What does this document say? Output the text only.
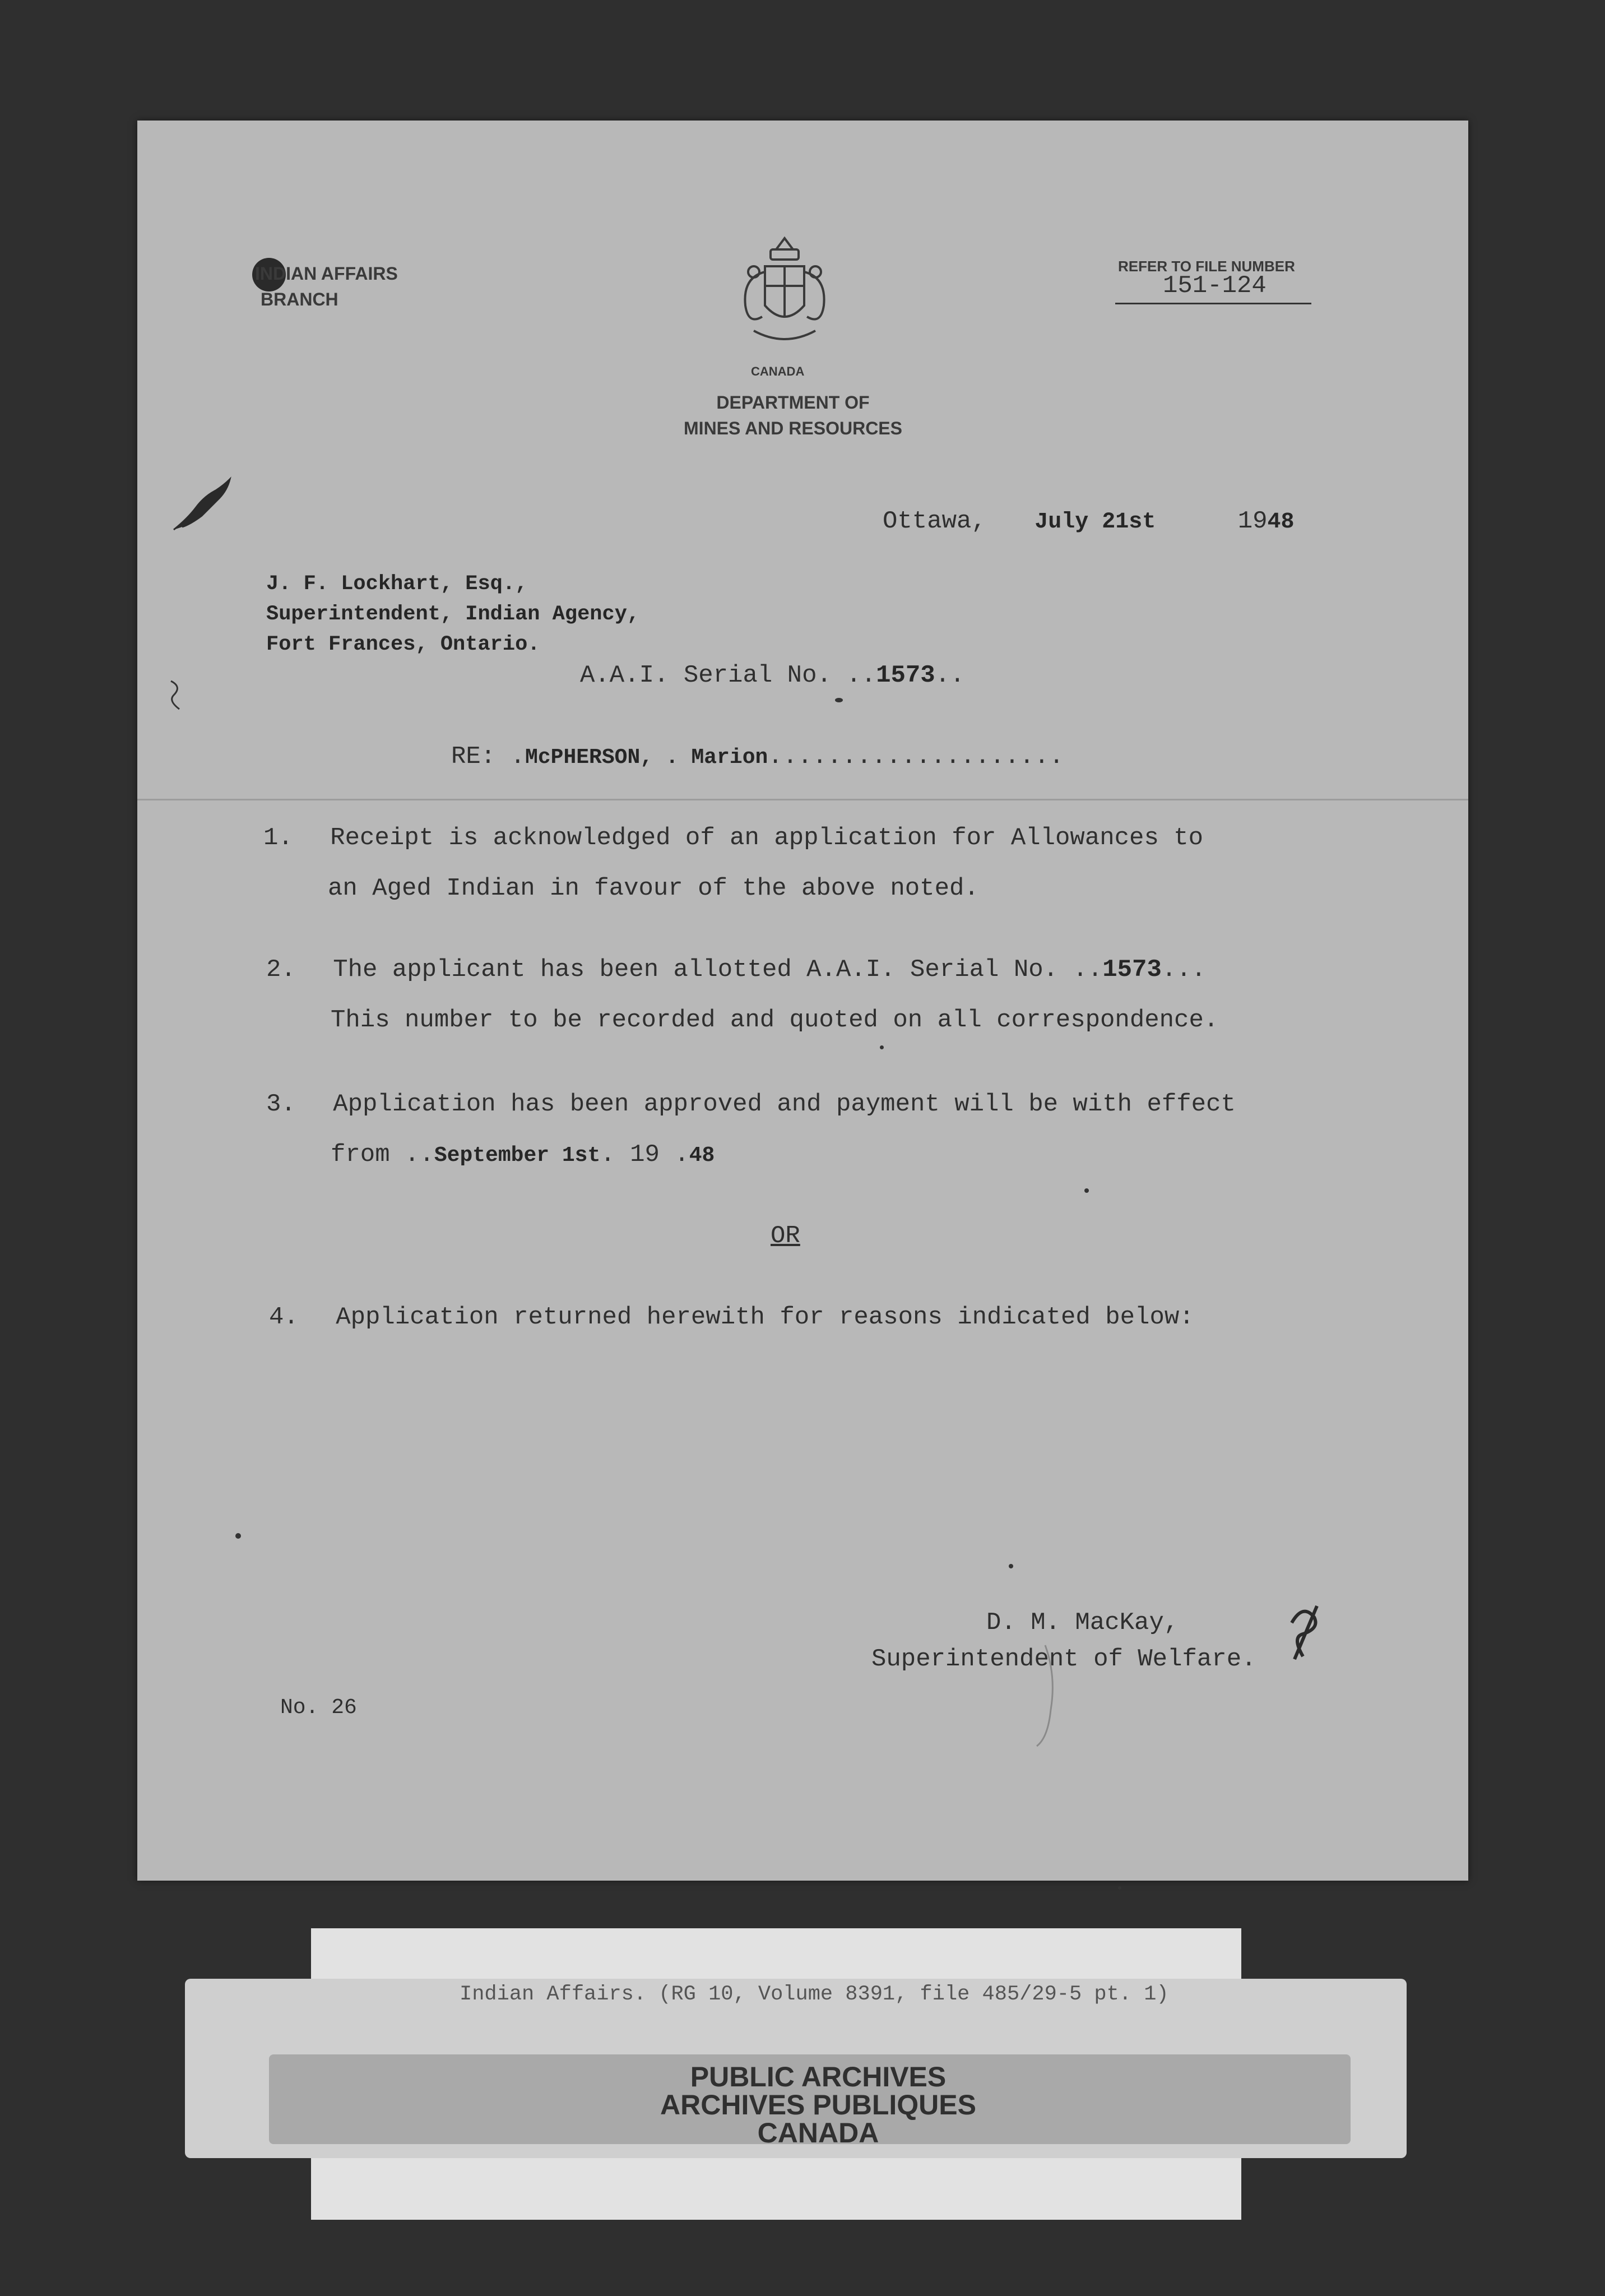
INDIAN AFFAIRS
BRANCH

REFER TO FILE NUMBER

151-124

CANADA

DEPARTMENT OF
MINES AND RESOURCES

Ottawa, July 21st	1948

J. F. Lockhart, Esq.,
Superintendent, Indian Agency,
Fort Frances, Ontario.

A.A.I. Serial No. ..1573..

RE: .McPHERSON, . Marion....................

1. Receipt is acknowledged of an application for Allowances to

an Aged Indian in favour of the above noted.

2. The applicant has been allotted A.A.I. Serial No. ..1573...

This number to be recorded and quoted on all correspondence.

3. Application has been approved and payment will be with effect

from ..September 1st. 19 .48

OR

4. Application returned herewith for reasons indicated below:

D. M. MacKay,

Superintendent of Welfare.

No. 26

Indian Affairs. (RG 10, Volume 8391, file 485/29-5 pt. 1)

PUBLIC ARCHIVES
ARCHIVES PUBLIQUES
CANADA
